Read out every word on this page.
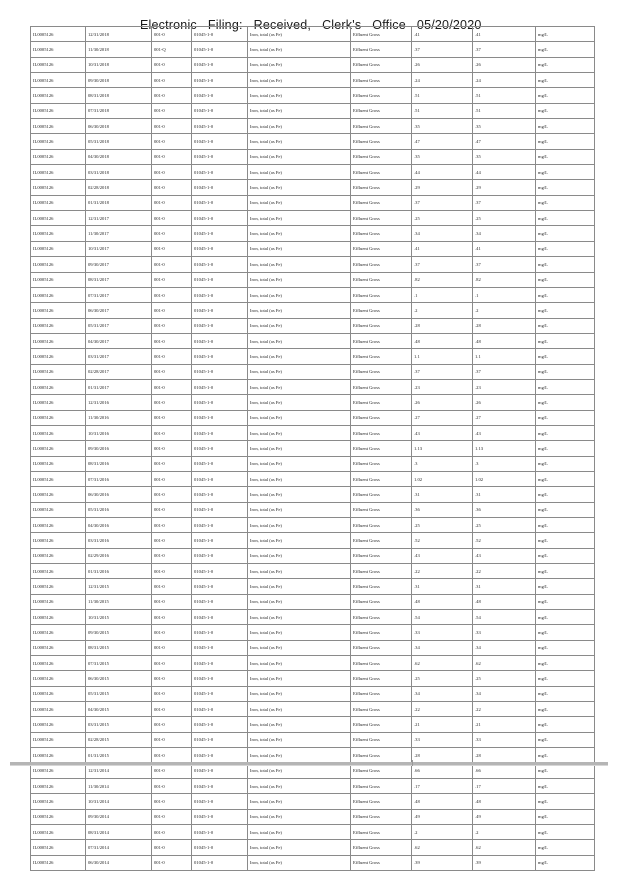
Electronic   Filing:   Received,   Clerk's   Office   05/20/2020
IL0005126	12/31/2018	001-0	01045-1-0	Iron, total (as Fe)	Effluent Gross	.41	.41	mg/L
IL0005126	11/30/2018	001-Q	01045-1-0	Iron, total (as Fe)	Effluent Gross	.37	.37	mg/L
IL0005126	10/31/2018	001-0	01045-1-0	Iron, total (as Fe)	Effluent Gross	.26	.26	mg/L
IL0005126	09/30/2018	001-0	01045-1-0	Iron, total (as Fe)	Effluent Gross	.24	.24	mg/L
IL0005126	08/31/2018	001-0	01045-1-0	Iron, total (as Fe)	Effluent Gross	.51	.51	mg/L
IL0005126	07/31/2018	001-0	01045-1-0	Iron, total (as Fe)	Effluent Gross	.51	.51	mg/L
IL0005126	06/30/2018	001-0	01045-1-0	Iron, total (as Fe)	Effluent Gross	.35	.35	mg/L
IL0005126	05/31/2018	001-0	01045-1-0	Iron, total (as Fe)	Effluent Gross	.47	.47	mg/L
IL0005126	04/30/2018	001-0	01045-1-0	Iron, total (as Fe)	Effluent Gross	.35	.35	mg/L
IL0005126	03/31/2018	001-0	01045-1-0	Iron, total (as Fe)	Effluent Gross	.44	.44	mg/L
IL0005126	02/28/2018	001-0	01045-1-0	Iron, total (as Fe)	Effluent Gross	.29	.29	mg/L
IL0005126	01/31/2018	001-0	01045-1-0	Iron, total (as Fe)	Effluent Gross	.37	.37	mg/L
IL0005126	12/31/2017	001-0	01045-1-0	Iron, total (as Fe)	Effluent Gross	.25	.25	mg/L
IL0005126	11/30/2017	001-0	01045-1-0	Iron, total (as Fe)	Effluent Gross	.34	.34	mg/L
IL0005126	10/31/2017	001-0	01045-1-0	Iron, total (as Fe)	Effluent Gross	.41	.41	mg/L
IL0005126	09/30/2017	001-0	01045-1-0	Iron, total (as Fe)	Effluent Gross	.37	.37	mg/L
IL0005126	08/31/2017	001-0	01045-1-0	Iron, total (as Fe)	Effluent Gross	.82	.82	mg/L
IL0005126	07/31/2017	001-0	01045-1-0	Iron, total (as Fe)	Effluent Gross	.1	.1	mg/L
IL0005126	06/30/2017	001-0	01045-1-0	Iron, total (as Fe)	Effluent Gross	.2	.2	mg/L
IL0005126	05/31/2017	001-0	01045-1-0	Iron, total (as Fe)	Effluent Gross	.28	.28	mg/L
IL0005126	04/30/2017	001-0	01045-1-0	Iron, total (as Fe)	Effluent Gross	.48	.48	mg/L
IL0005126	03/31/2017	001-0	01045-1-0	Iron, total (as Fe)	Effluent Gross	1.1	1.1	mg/L
IL0005126	02/28/2017	001-0	01045-1-0	Iron, total (as Fe)	Effluent Gross	.37	.37	mg/L
IL0005126	01/31/2017	001-0	01045-1-0	Iron, total (as Fe)	Effluent Gross	.23	.23	mg/L
IL0005126	12/31/2016	001-0	01045-1-0	Iron, total (as Fe)	Effluent Gross	.26	.26	mg/L
IL0005126	11/30/2016	001-0	01045-1-0	Iron, total (as Fe)	Effluent Gross	.27	.27	mg/L
IL0005126	10/31/2016	001-0	01045-1-0	Iron, total (as Fe)	Effluent Gross	.43	.43	mg/L
IL0005126	09/30/2016	001-0	01045-1-0	Iron, total (as Fe)	Effluent Gross	1.13	1.13	mg/L
IL0005126	08/31/2016	001-0	01045-1-0	Iron, total (as Fe)	Effluent Gross	.3	.3	mg/L
IL0005126	07/31/2016	001-0	01045-1-0	Iron, total (as Fe)	Effluent Gross	1.02	1.02	mg/L
IL0005126	06/30/2016	001-0	01045-1-0	Iron, total (as Fe)	Effluent Gross	.31	.31	mg/L
IL0005126	05/31/2016	001-0	01045-1-0	Iron, total (as Fe)	Effluent Gross	.36	.36	mg/L
IL0005126	04/30/2016	001-0	01045-1-0	Iron, total (as Fe)	Effluent Gross	.25	.25	mg/L
IL0005126	03/31/2016	001-0	01045-1-0	Iron, total (as Fe)	Effluent Gross	.52	.52	mg/L
IL0005126	02/29/2016	001-0	01045-1-0	Iron, total (as Fe)	Effluent Gross	.43	.43	mg/L
IL0005126	01/31/2016	001-0	01045-1-0	Iron, total (as Fe)	Effluent Gross	.22	.22	mg/L
IL0005126	12/31/2015	001-0	01045-1-0	Iron, total (as Fe)	Effluent Gross	.31	.31	mg/L
IL0005126	11/30/2015	001-0	01045-1-0	Iron, total (as Fe)	Effluent Gross	.48	.48	mg/L
IL0005126	10/31/2015	001-0	01045-1-0	Iron, total (as Fe)	Effluent Gross	.54	.54	mg/L
IL0005126	09/30/2015	001-0	01045-1-0	Iron, total (as Fe)	Effluent Gross	.33	.33	mg/L
IL0005126	08/31/2015	001-0	01045-1-0	Iron, total (as Fe)	Effluent Gross	.34	.34	mg/L
IL0005126	07/31/2015	001-0	01045-1-0	Iron, total (as Fe)	Effluent Gross	.62	.62	mg/L
IL0005126	06/30/2015	001-0	01045-1-0	Iron, total (as Fe)	Effluent Gross	.25	.25	mg/L
IL0005126	05/31/2015	001-0	01045-1-0	Iron, total (as Fe)	Effluent Gross	.34	.34	mg/L
IL0005126	04/30/2015	001-0	01045-1-0	Iron, total (as Fe)	Effluent Gross	.22	.22	mg/L
IL0005126	03/31/2015	001-0	01045-1-0	Iron, total (as Fe)	Effluent Gross	.21	.21	mg/L
IL0005126	02/28/2015	001-0	01045-1-0	Iron, total (as Fe)	Effluent Gross	.33	.33	mg/L
IL0005126	01/31/2015	001-0	01045-1-0	Iron, total (as Fe)	Effluent Gross	.28	.28	mg/L
IL0005126	12/31/2014	001-0	01045-1-0	Iron, total (as Fe)	Effluent Gross	.66	.66	mg/L
IL0005126	11/30/2014	001-0	01045-1-0	Iron, total (as Fe)	Effluent Gross	.17	.17	mg/L
IL0005126	10/31/2014	001-0	01045-1-0	Iron, total (as Fe)	Effluent Gross	.48	.48	mg/L
IL0005126	09/30/2014	001-0	01045-1-0	Iron, total (as Fe)	Effluent Gross	.49	.49	mg/L
IL0005126	08/31/2014	001-0	01045-1-0	Iron, total (as Fe)	Effluent Gross	.2	.2	mg/L
IL0005126	07/31/2014	001-0	01045-1-0	Iron, total (as Fe)	Effluent Gross	.62	.62	mg/L
IL0005126	06/30/2014	001-0	01045-1-0	Iron, total (as Fe)	Effluent Gross	.39	.39	mg/L
